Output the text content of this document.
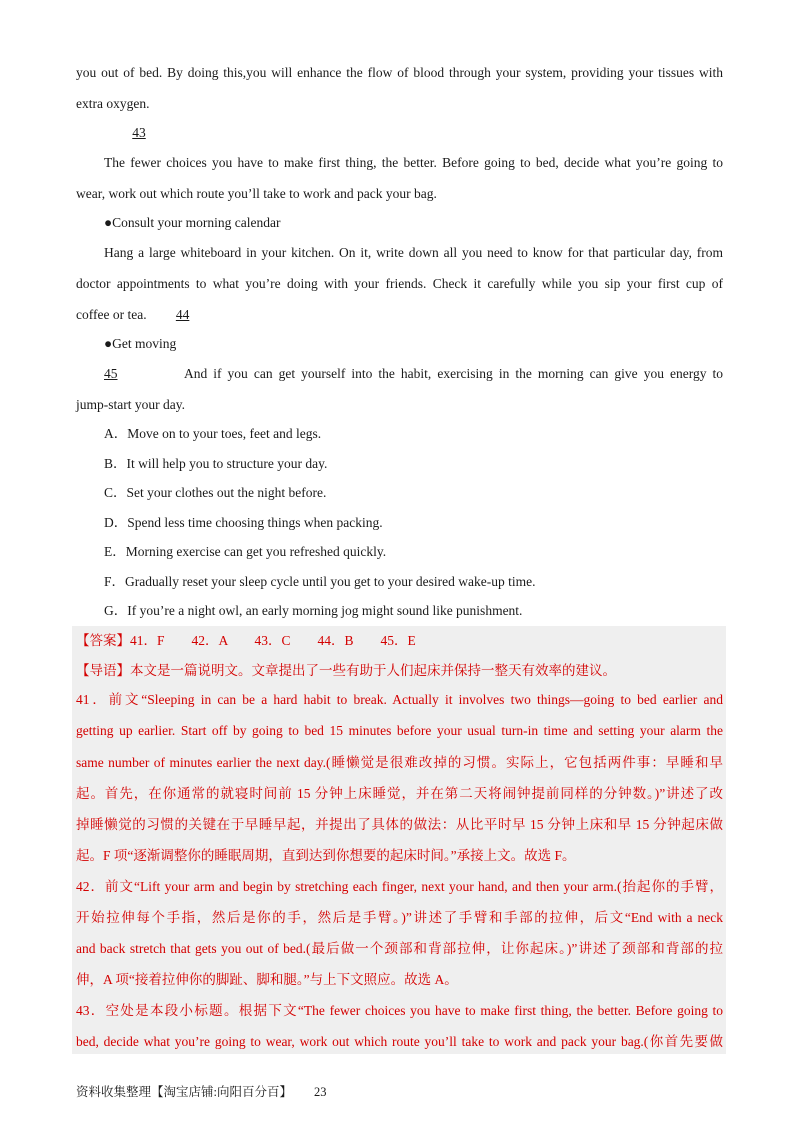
you out of bed. By doing this,you will enhance the flow of blood through your system, providing your tissues with
extra oxygen.
43
The fewer choices you have to make first thing, the better. Before going to bed, decide what you’re going to
wear, work out which route you’ll take to work and pack your bag.
●Consult your morning calendar
Hang a large whiteboard in your kitchen. On it, write down all you need to know for that particular day, from
doctor appointments to what you’re doing with your friends. Check it carefully while you sip your first cup of
coffee or tea. 44
●Get moving
45	And if you can get yourself into the habit, exercising in the morning can give you energy to
jump-start your day.
A．Move on to your toes, feet and legs.
B．It will help you to structure your day.
C．Set your clothes out the night before.
D．Spend less time choosing things when packing.
E．Morning exercise can get you refreshed quickly.
F．Gradually reset your sleep cycle until you get to your desired wake-up time.
G．If you’re a night owl, an early morning jog might sound like punishment.
【答案】41．F　　42．A　　43．C　　44．B　　45．E
【导语】本文是一篇说明文。文章提出了一些有助于人们起床并保持一整天有效率的建议。
41．前文“Sleeping in can be a hard habit to break. Actually it involves two things—going to bed earlier and
getting up earlier. Start off by going to bed 15 minutes before your usual turn-in time and setting your alarm the
same number of minutes earlier the next day.(睡懒觉是很难改掉的习惯。实际上，它包括两件事：早睡和早
起。首先，在你通常的就寝时间前 15 分钟上床睡觉，并在第二天将闹钟提前同样的分钟数。)”讲述了改
掉睡懒觉的习惯的关键在于早睡早起，并提出了具体的做法：从比平时早 15 分钟上床和早 15 分钟起床做
起。F 项“逐渐调整你的睡眠周期，直到达到你想要的起床时间。”承接上文。故选 F。
42．前文“Lift your arm and begin by stretching each finger, next your hand, and then your arm.(抬起你的手臂，
开始拉伸每个手指，然后是你的手，然后是手臂。)”讲述了手臂和手部的拉伸，后文“End with a neck
and back stretch that gets you out of bed.(最后做一个颈部和背部拉伸，让你起床。)”讲述了颈部和背部的拉
伸，A 项“接着拉伸你的脚趾、脚和腿。”与上下文照应。故选 A。
43．空处是本段小标题。根据下文“The fewer choices you have to make first thing, the better. Before going to
bed, decide what you’re going to wear, work out which route you’ll take to work and pack your bag.(你首先要做
资料收集整理【淘宝店铺:向阳百分百】 23
